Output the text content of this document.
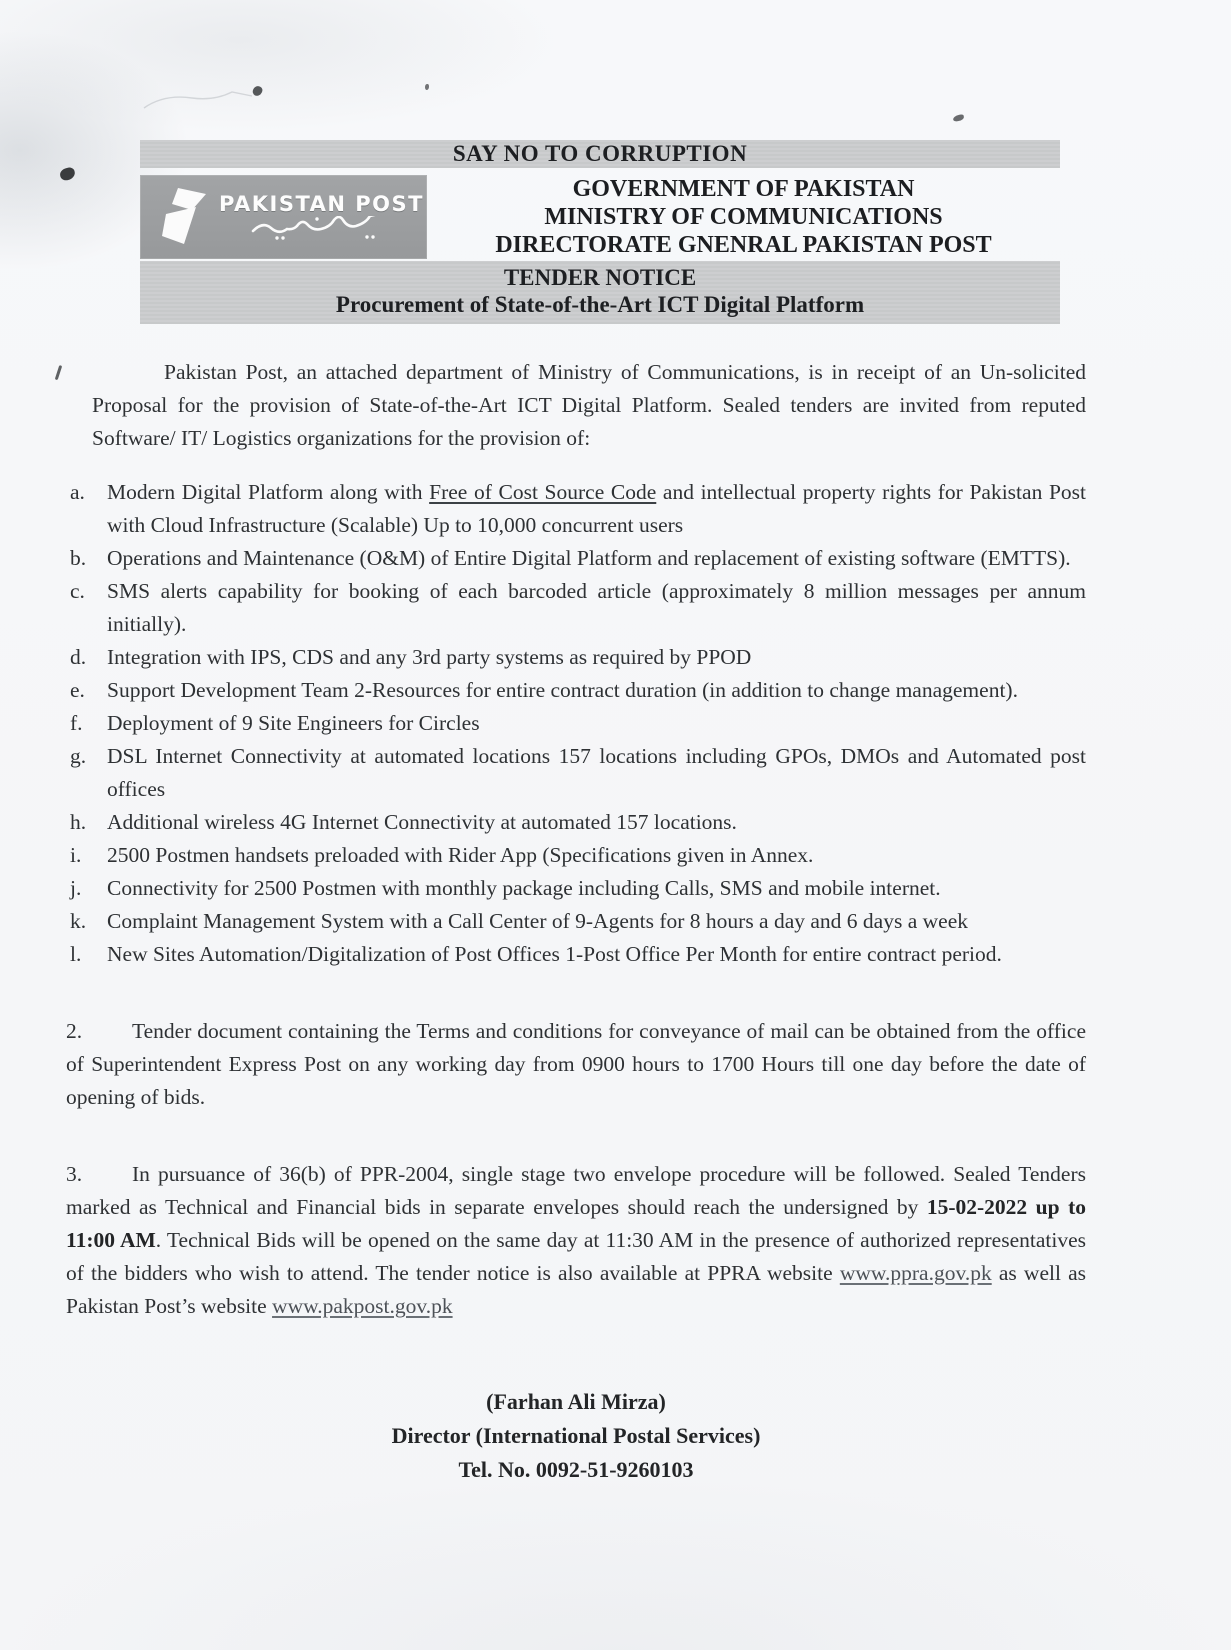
SAY NO TO CORRUPTION
PAKISTAN POST
GOVERNMENT OF PAKISTAN
MINISTRY OF COMMUNICATIONS
DIRECTORATE GNENRAL PAKISTAN POST
TENDER NOTICE
Procurement of State-of-the-Art ICT Digital Platform

Pakistan Post, an attached department of Ministry of Communications, is in receipt of an Un-solicited Proposal for the provision of State-of-the-Art ICT Digital Platform. Sealed tenders are invited from reputed Software/ IT/ Logistics organizations for the provision of:

a.	Modern Digital Platform along with Free of Cost Source Code and intellectual property rights for Pakistan Post with Cloud Infrastructure (Scalable) Up to 10,000 concurrent users
b. Operations and Maintenance (O&M) of Entire Digital Platform and replacement of existing software (EMTTS).
c.	SMS alerts capability for booking of each barcoded article (approximately 8 million messages per annum initially).
d. Integration with IPS, CDS and any 3rd party systems as required by PPOD
e.	Support Development Team 2-Resources for entire contract duration (in addition to change management).
f.	Deployment of 9 Site Engineers for Circles
g. DSL Internet Connectivity at automated locations 157 locations including GPOs, DMOs and Automated post offices
h. Additional wireless 4G Internet Connectivity at automated 157 locations.
i.	2500 Postmen handsets preloaded with Rider App (Specifications given in Annex.
j.	Connectivity for 2500 Postmen with monthly package including Calls, SMS and mobile internet.
k. Complaint Management System with a Call Center of 9-Agents for 8 hours a day and 6 days a week
l.	New Sites Automation/Digitalization of Post Offices 1-Post Office Per Month for entire contract period.

2. Tender document containing the Terms and conditions for conveyance of mail can be obtained from the office of Superintendent Express Post on any working day from 0900 hours to 1700 Hours till one day before the date of opening of bids.

3. In pursuance of 36(b) of PPR-2004, single stage two envelope procedure will be followed. Sealed Tenders marked as Technical and Financial bids in separate envelopes should reach the undersigned by 15-02-2022 up to 11:00 AM. Technical Bids will be opened on the same day at 11:30 AM in the presence of authorized representatives of the bidders who wish to attend. The tender notice is also available at PPRA website www.ppra.gov.pk as well as Pakistan Post’s website www.pakpost.gov.pk

(Farhan Ali Mirza)
Director (International Postal Services)
Tel. No. 0092-51-9260103
